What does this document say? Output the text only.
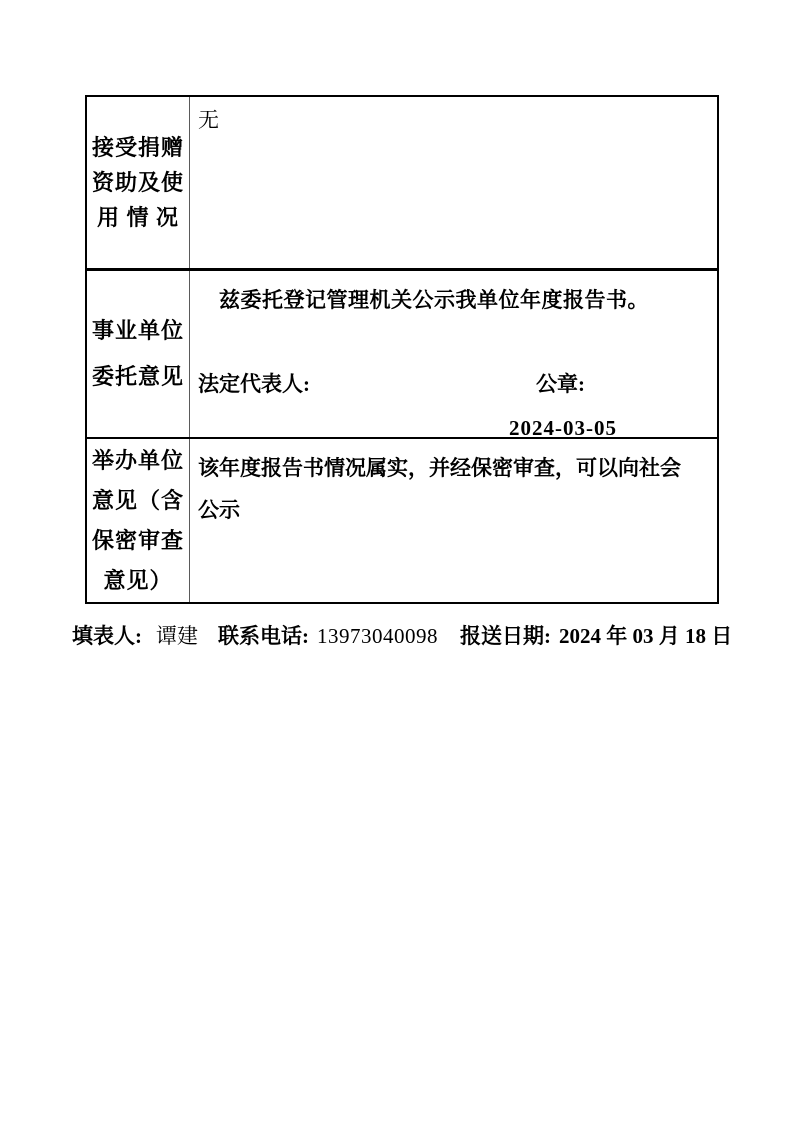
接受捐赠
资助及使
用 情 况
无
事业单位
委托意见
兹委托登记管理机关公示我单位年度报告书。
法定代表人:	公章:
2024-03-05
举办单位
意见（含
保密审查
意见）
该年度报告书情况属实，并经保密审查，可以向社会公示
填表人: 谭建 联系电话: 13973040098 报送日期: 2024 年 03 月 18 日
